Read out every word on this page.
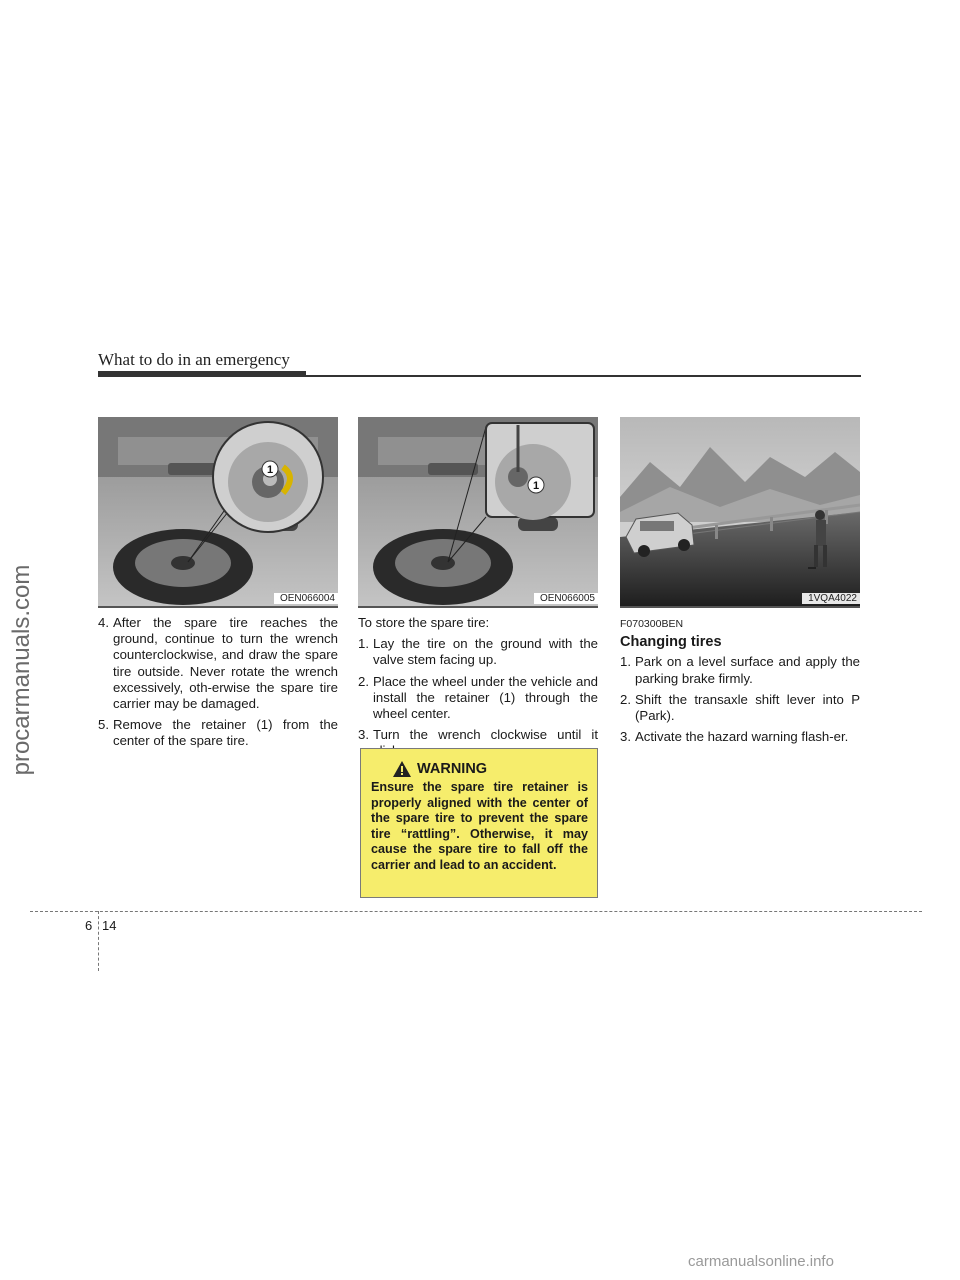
procarmanuals.com
What to do in an emergency
1
OEN066004
4. After the spare tire reaches the ground, continue to turn the wrench counterclockwise, and draw the spare tire outside. Never rotate the wrench excessively, oth-erwise the spare tire carrier may be damaged.
5. Remove the retainer (1) from the center of the spare tire.
1
OEN066005

To store the spare tire:

1. Lay the tire on the ground with the valve stem facing up.
2. Place the wheel under the vehicle and install the retainer (1) through the wheel center.
3. Turn the wrench clockwise until it
WARNING
Ensure the spare tire retainer is properly aligned with the center of the spare tire to prevent the spare tire “rattling”. Otherwise, it may cause the spare tire to fall off the carrier and lead to an accident.
1VQA4022
F070300BEN
Changing tires
1. Park on a level surface and apply the parking brake firmly.
2. Shift the transaxle shift lever into P (Park).
3. Activate the hazard warning flash-er.
6 14
carmanualsonline.info
